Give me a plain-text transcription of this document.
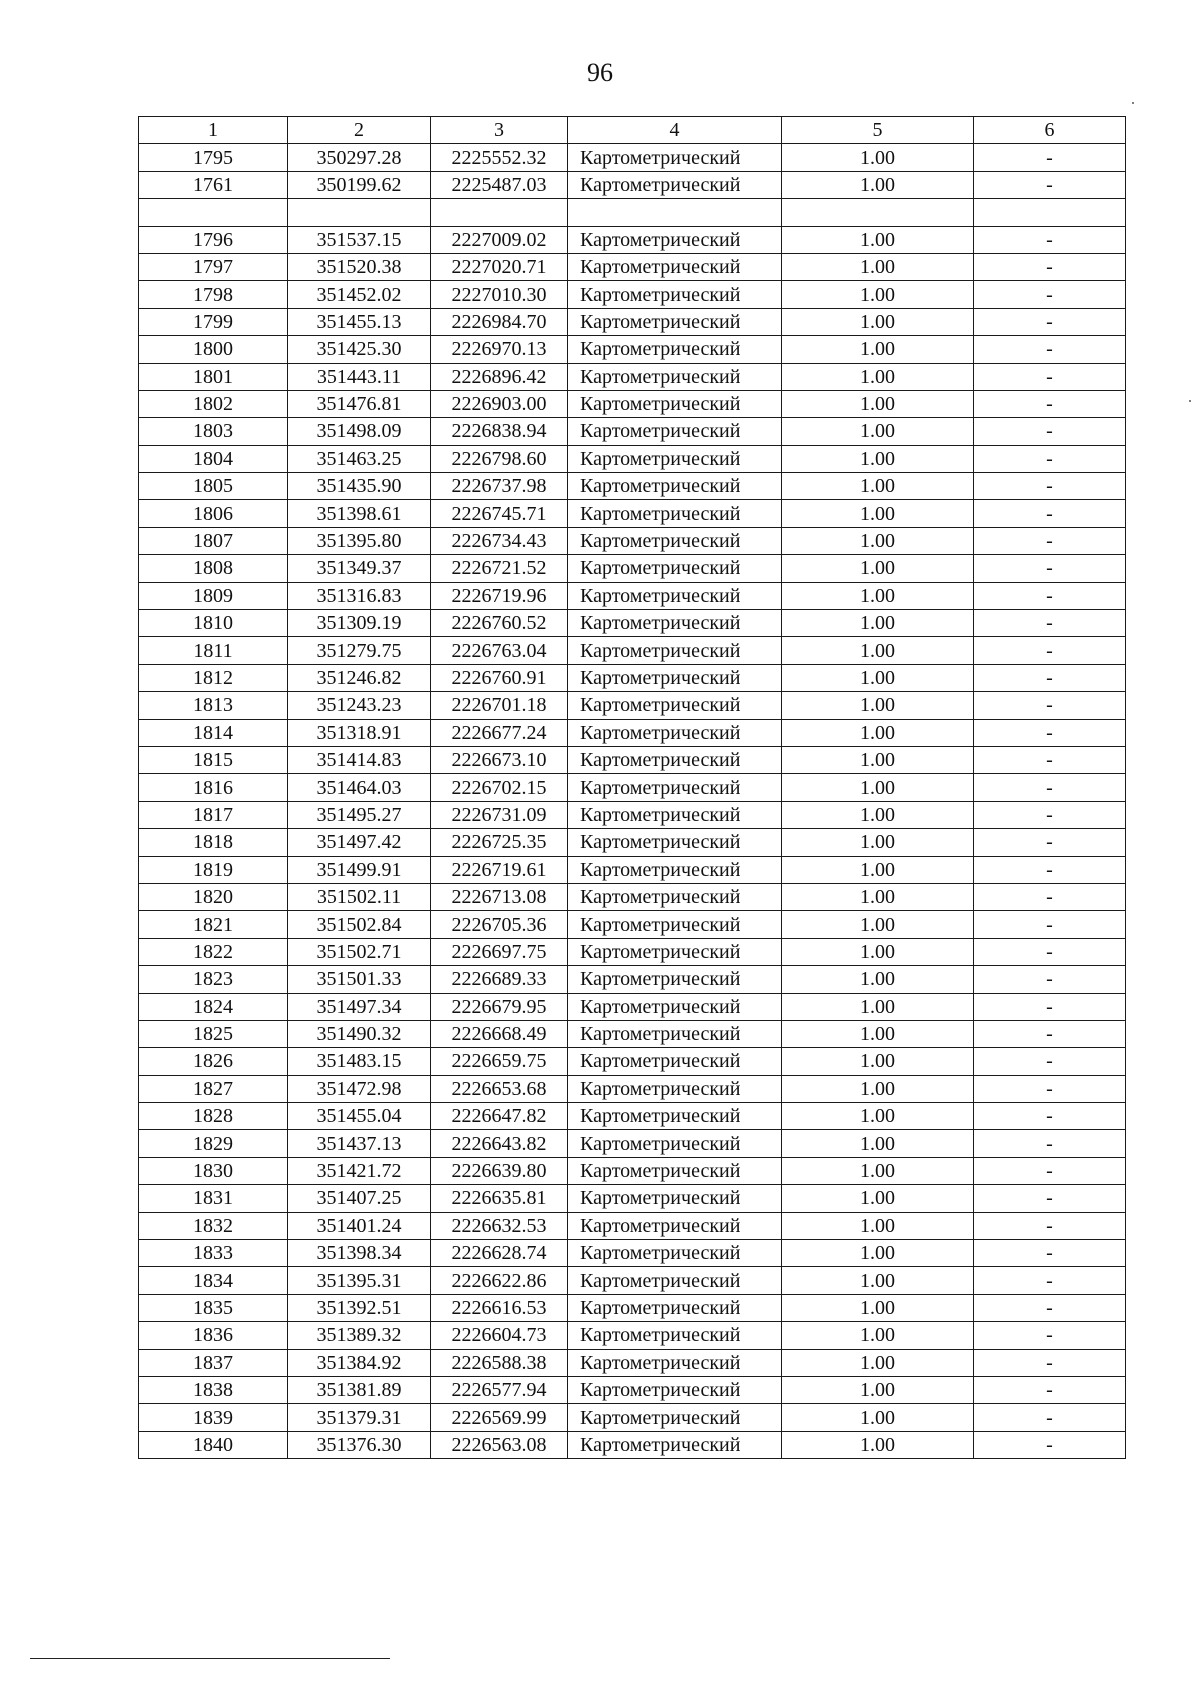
96
1	2	3	4	5	6
1795	350297.28	2225552.32	Картометрический	1.00	-
1761	350199.62	2225487.03	Картометрический	1.00	-

1796	351537.15	2227009.02	Картометрический	1.00	-
1797	351520.38	2227020.71	Картометрический	1.00	-
1798	351452.02	2227010.30	Картометрический	1.00	-
1799	351455.13	2226984.70	Картометрический	1.00	-
1800	351425.30	2226970.13	Картометрический	1.00	-
1801	351443.11	2226896.42	Картометрический	1.00	-
1802	351476.81	2226903.00	Картометрический	1.00	-
1803	351498.09	2226838.94	Картометрический	1.00	-
1804	351463.25	2226798.60	Картометрический	1.00	-
1805	351435.90	2226737.98	Картометрический	1.00	-
1806	351398.61	2226745.71	Картометрический	1.00	-
1807	351395.80	2226734.43	Картометрический	1.00	-
1808	351349.37	2226721.52	Картометрический	1.00	-
1809	351316.83	2226719.96	Картометрический	1.00	-
1810	351309.19	2226760.52	Картометрический	1.00	-
1811	351279.75	2226763.04	Картометрический	1.00	-
1812	351246.82	2226760.91	Картометрический	1.00	-
1813	351243.23	2226701.18	Картометрический	1.00	-
1814	351318.91	2226677.24	Картометрический	1.00	-
1815	351414.83	2226673.10	Картометрический	1.00	-
1816	351464.03	2226702.15	Картометрический	1.00	-
1817	351495.27	2226731.09	Картометрический	1.00	-
1818	351497.42	2226725.35	Картометрический	1.00	-
1819	351499.91	2226719.61	Картометрический	1.00	-
1820	351502.11	2226713.08	Картометрический	1.00	-
1821	351502.84	2226705.36	Картометрический	1.00	-
1822	351502.71	2226697.75	Картометрический	1.00	-
1823	351501.33	2226689.33	Картометрический	1.00	-
1824	351497.34	2226679.95	Картометрический	1.00	-
1825	351490.32	2226668.49	Картометрический	1.00	-
1826	351483.15	2226659.75	Картометрический	1.00	-
1827	351472.98	2226653.68	Картометрический	1.00	-
1828	351455.04	2226647.82	Картометрический	1.00	-
1829	351437.13	2226643.82	Картометрический	1.00	-
1830	351421.72	2226639.80	Картометрический	1.00	-
1831	351407.25	2226635.81	Картометрический	1.00	-
1832	351401.24	2226632.53	Картометрический	1.00	-
1833	351398.34	2226628.74	Картометрический	1.00	-
1834	351395.31	2226622.86	Картометрический	1.00	-
1835	351392.51	2226616.53	Картометрический	1.00	-
1836	351389.32	2226604.73	Картометрический	1.00	-
1837	351384.92	2226588.38	Картометрический	1.00	-
1838	351381.89	2226577.94	Картометрический	1.00	-
1839	351379.31	2226569.99	Картометрический	1.00	-
1840	351376.30	2226563.08	Картометрический	1.00	-
